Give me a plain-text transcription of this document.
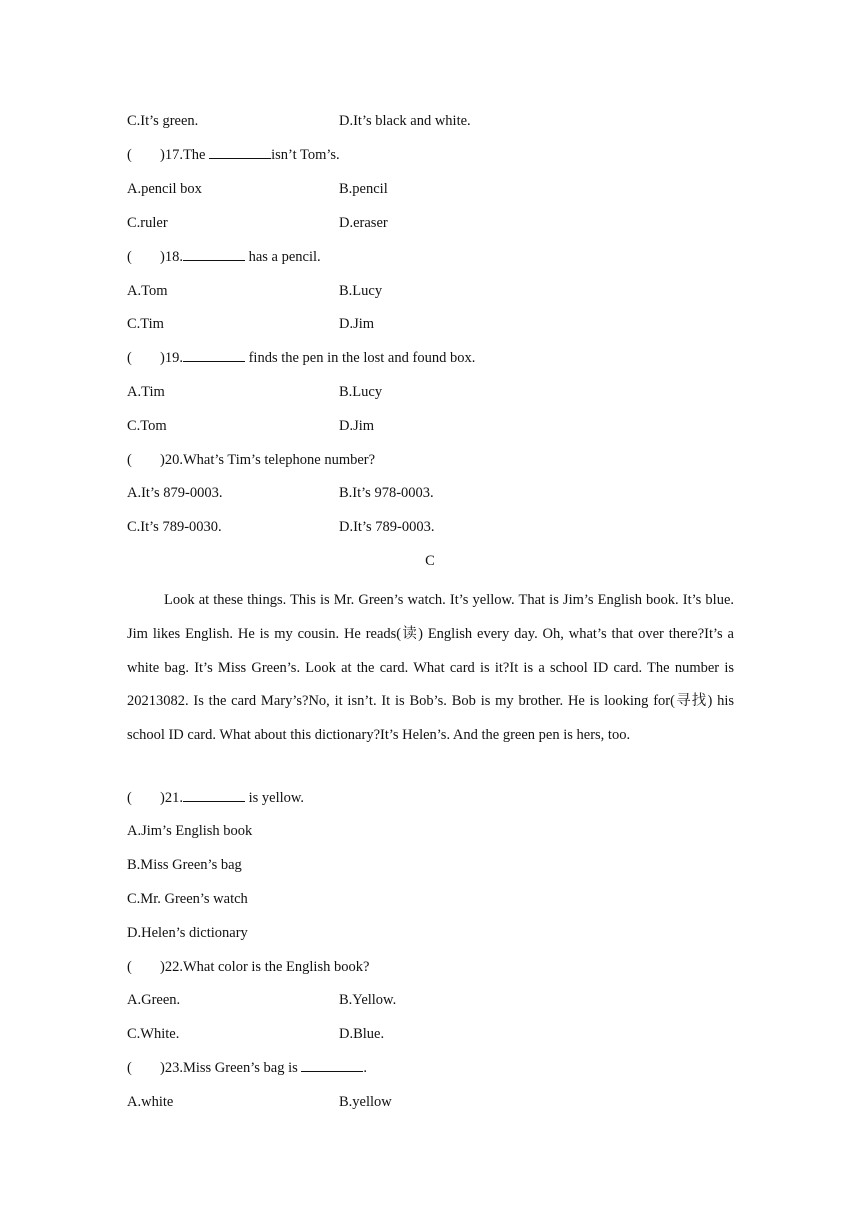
C.It’s green.	D.It’s black and white.
( )17.The	isn’t Tom’s.
A.pencil box	B.pencil
C.ruler	D.eraser
( )18.	has a pencil.
A.Tom	B.Lucy
C.Tim	D.Jim
( )19.	finds the pen in the lost and found box.
A.Tim	B.Lucy
C.Tom	D.Jim
( )20.What’s Tim’s telephone number?
A.It’s 879-0003.	B.It’s 978-0003.
C.It’s 789-0030.	D.It’s 789-0003.
C
Look at these things. This is Mr. Green’s watch. It’s yellow. That is Jim’s English book. It’s blue. Jim likes English. He is my cousin. He reads(读) English every day. Oh, what’s that over there?It’s a white bag. It’s Miss Green’s. Look at the card. What card is it?It is a school ID card. The number is 20213082. Is the card Mary’s?No, it isn’t. It is Bob’s. Bob is my brother. He is looking for(寻找) his school ID card. What about this dictionary?It’s Helen’s. And the green pen is hers, too.
( )21.	is yellow.
A.Jim’s English book
B.Miss Green’s bag
C.Mr. Green’s watch
D.Helen’s dictionary
( )22.What color is the English book?
A.Green.	B.Yellow.
C.White.	D.Blue.
( )23.Miss Green’s bag is	.
A.white	B.yellow
